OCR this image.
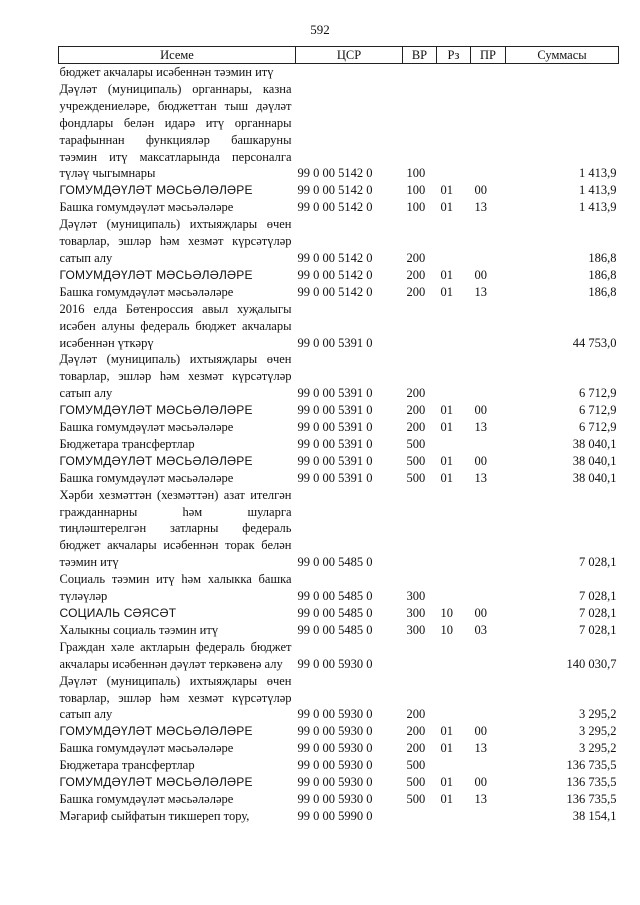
592
Исеме	ЦСР	ВР	Рз	ПР	Суммасы
бюджет акчалары исәбеннән тәэмин итү					
Дәүләт (муниципаль) органнары, казна учреждениеләре, бюджеттан тыш дәүләт фондлары белән идарә итү органнары тарафыннан функцияләр башкаруны тәэмин итү максатларында персоналга түләү чыгымнары	99 0 00 5142 0	100			1 413,9
ГОМУМДӘҮЛӘТ МӘСЬӘЛӘЛӘРЕ	99 0 00 5142 0	100	01	00	1 413,9
Башка гомумдәүләт мәсьәләләре	99 0 00 5142 0	100	01	13	1 413,9
Дәүләт (муниципаль) ихтыяҗлары өчен товарлар, эшләр һәм хезмәт күрсәтүләр сатып алу	99 0 00 5142 0	200			186,8
ГОМУМДӘҮЛӘТ МӘСЬӘЛӘЛӘРЕ	99 0 00 5142 0	200	01	00	186,8
Башка гомумдәүләт мәсьәләләре	99 0 00 5142 0	200	01	13	186,8
2016 елда Бөтенроссия авыл хуҗалыгы исәбен алуны федераль бюджет акчалары исәбеннән үткәрү	99 0 00 5391 0				44 753,0
Дәүләт (муниципаль) ихтыяҗлары өчен товарлар, эшләр һәм хезмәт күрсәтүләр сатып алу	99 0 00 5391 0	200			6 712,9
ГОМУМДӘҮЛӘТ МӘСЬӘЛӘЛӘРЕ	99 0 00 5391 0	200	01	00	6 712,9
Башка гомумдәүләт мәсьәләләре	99 0 00 5391 0	200	01	13	6 712,9
Бюджетара трансфертлар	99 0 00 5391 0	500			38 040,1
ГОМУМДӘҮЛӘТ МӘСЬӘЛӘЛӘРЕ	99 0 00 5391 0	500	01	00	38 040,1
Башка гомумдәүләт мәсьәләләре	99 0 00 5391 0	500	01	13	38 040,1
Хәрби хезмәттән (хезмәттән) азат ителгән гражданнарны һәм шуларга тиңләштерелгән затларны федераль бюджет акчалары исәбеннән торак белән тәэмин итү	99 0 00 5485 0				7 028,1
Социаль тәэмин итү һәм халыкка башка түләүләр	99 0 00 5485 0	300			7 028,1
СОЦИАЛЬ СӘЯСӘТ	99 0 00 5485 0	300	10	00	7 028,1
Халыкны социаль тәэмин итү	99 0 00 5485 0	300	10	03	7 028,1
Граждан хәле актларын федераль бюджет акчалары исәбеннән дәүләт теркәвенә алу	99 0 00 5930 0				140 030,7
Дәүләт (муниципаль) ихтыяҗлары өчен товарлар, эшләр һәм хезмәт күрсәтүләр сатып алу	99 0 00 5930 0	200			3 295,2
ГОМУМДӘҮЛӘТ МӘСЬӘЛӘЛӘРЕ	99 0 00 5930 0	200	01	00	3 295,2
Башка гомумдәүләт мәсьәләләре	99 0 00 5930 0	200	01	13	3 295,2
Бюджетара трансфертлар	99 0 00 5930 0	500			136 735,5
ГОМУМДӘҮЛӘТ МӘСЬӘЛӘЛӘРЕ	99 0 00 5930 0	500	01	00	136 735,5
Башка гомумдәүләт мәсьәләләре	99 0 00 5930 0	500	01	13	136 735,5
Мәгариф сыйфатын тикшереп тору,	99 0 00 5990 0				38 154,1
